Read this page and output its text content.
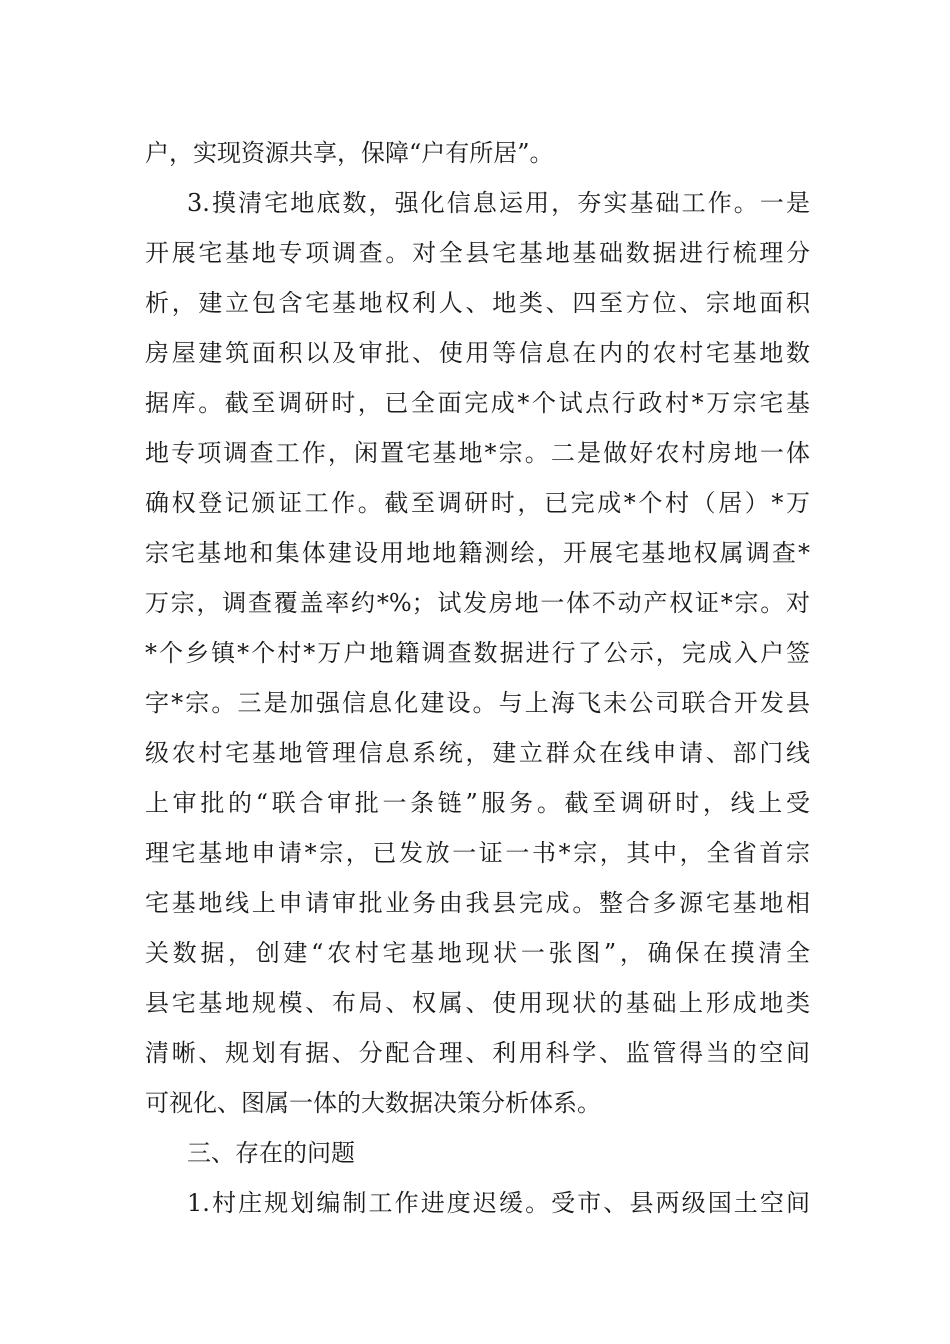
户，实现资源共享，保障“户有所居”。
3.摸清宅地底数，强化信息运用，夯实基础工作。一是
开展宅基地专项调查。对全县宅基地基础数据进行梳理分
析，建立包含宅基地权利人、地类、四至方位、宗地面积
房屋建筑面积以及审批、使用等信息在内的农村宅基地数
据库。截至调研时，已全面完成*个试点行政村*万宗宅基
地专项调查工作，闲置宅基地*宗。二是做好农村房地一体
确权登记颁证工作。截至调研时，已完成*个村（居）*万
宗宅基地和集体建设用地地籍测绘，开展宅基地权属调查*
万宗，调查覆盖率约*%；试发房地一体不动产权证*宗。对
*个乡镇*个村*万户地籍调查数据进行了公示，完成入户签
字*宗。三是加强信息化建设。与上海飞未公司联合开发县
级农村宅基地管理信息系统，建立群众在线申请、部门线
上审批的“联合审批一条链”服务。截至调研时，线上受
理宅基地申请*宗，已发放一证一书*宗，其中，全省首宗
宅基地线上申请审批业务由我县完成。整合多源宅基地相
关数据，创建“农村宅基地现状一张图”，确保在摸清全
县宅基地规模、布局、权属、使用现状的基础上形成地类
清晰、规划有据、分配合理、利用科学、监管得当的空间
可视化、图属一体的大数据决策分析体系。
三、存在的问题
1.村庄规划编制工作进度迟缓。受市、县两级国土空间
